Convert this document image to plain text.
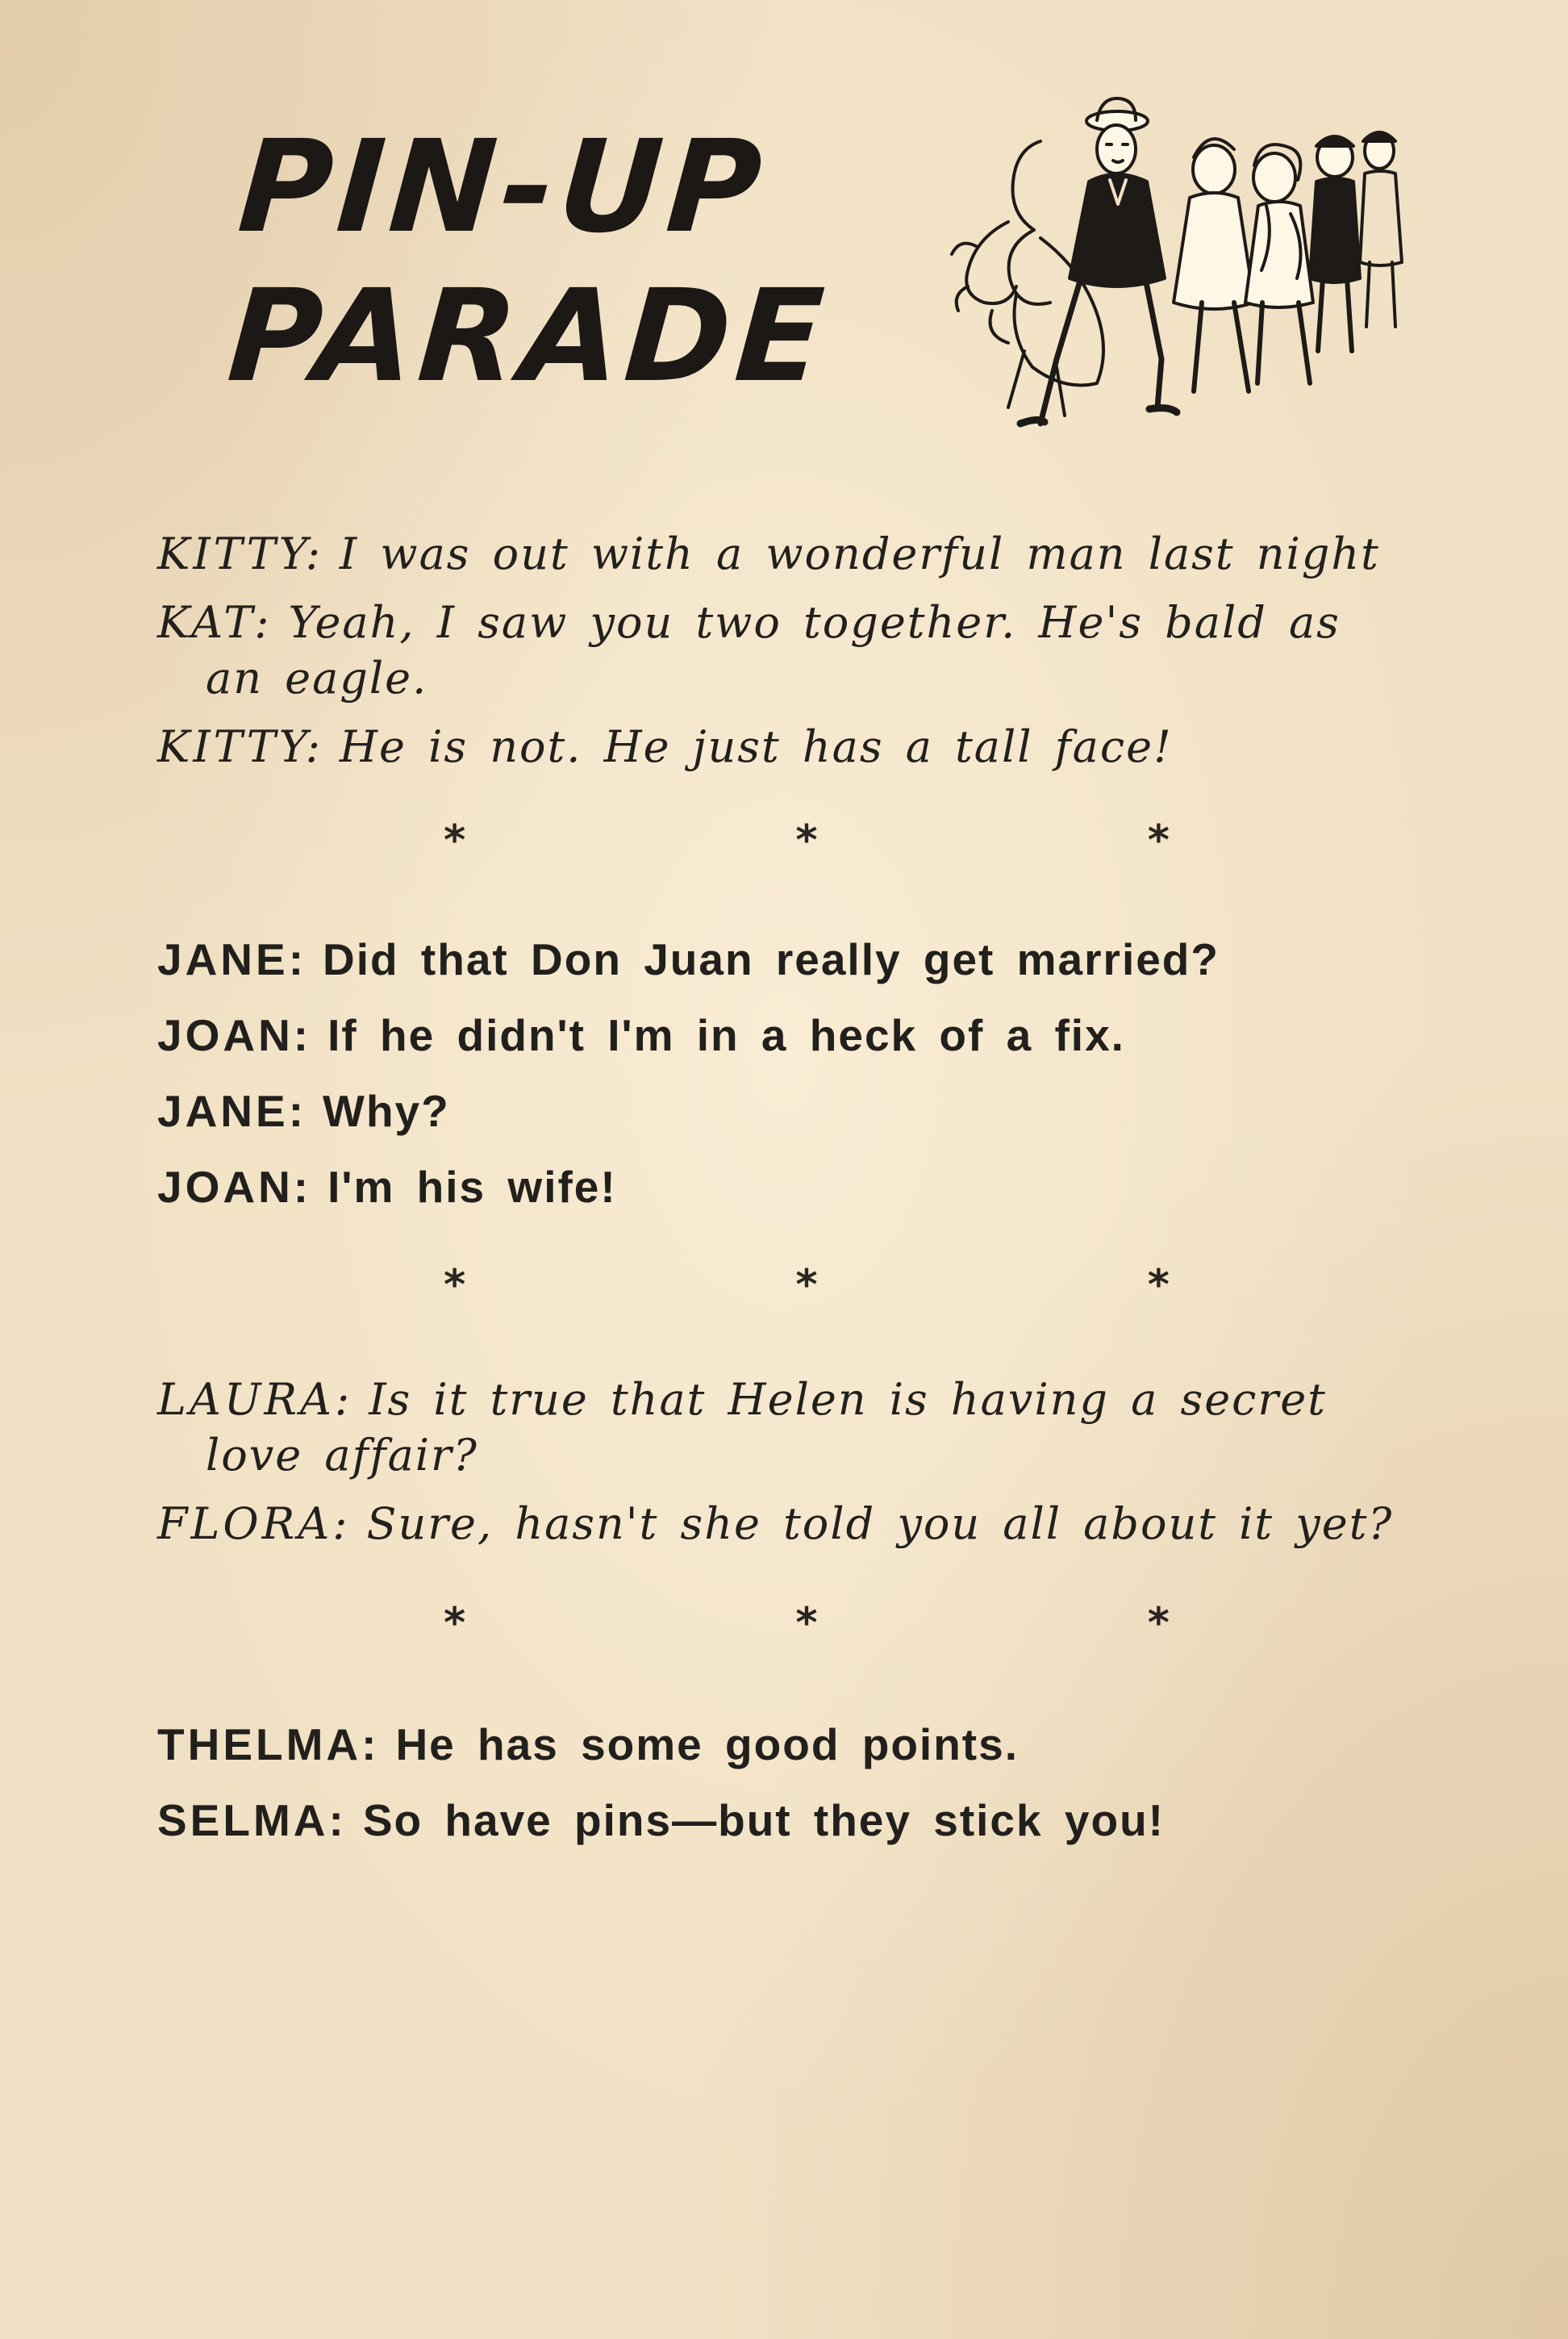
PIN-UP
PARADE
KITTY: I was out with a wonderful man last night
KAT: Yeah, I saw you two together. He's bald as
an eagle.
KITTY: He is not. He just has a tall face!
*	*	*
JANE: Did that Don Juan really get married?
JOAN: If he didn't I'm in a heck of a fix.
JANE: Why?
JOAN: I'm his wife!
*	*	*
LAURA: Is it true that Helen is having a secret
love affair?
FLORA: Sure, hasn't she told you all about it yet?
*	*	*
THELMA: He has some good points.
SELMA: So have pins—but they stick you!
